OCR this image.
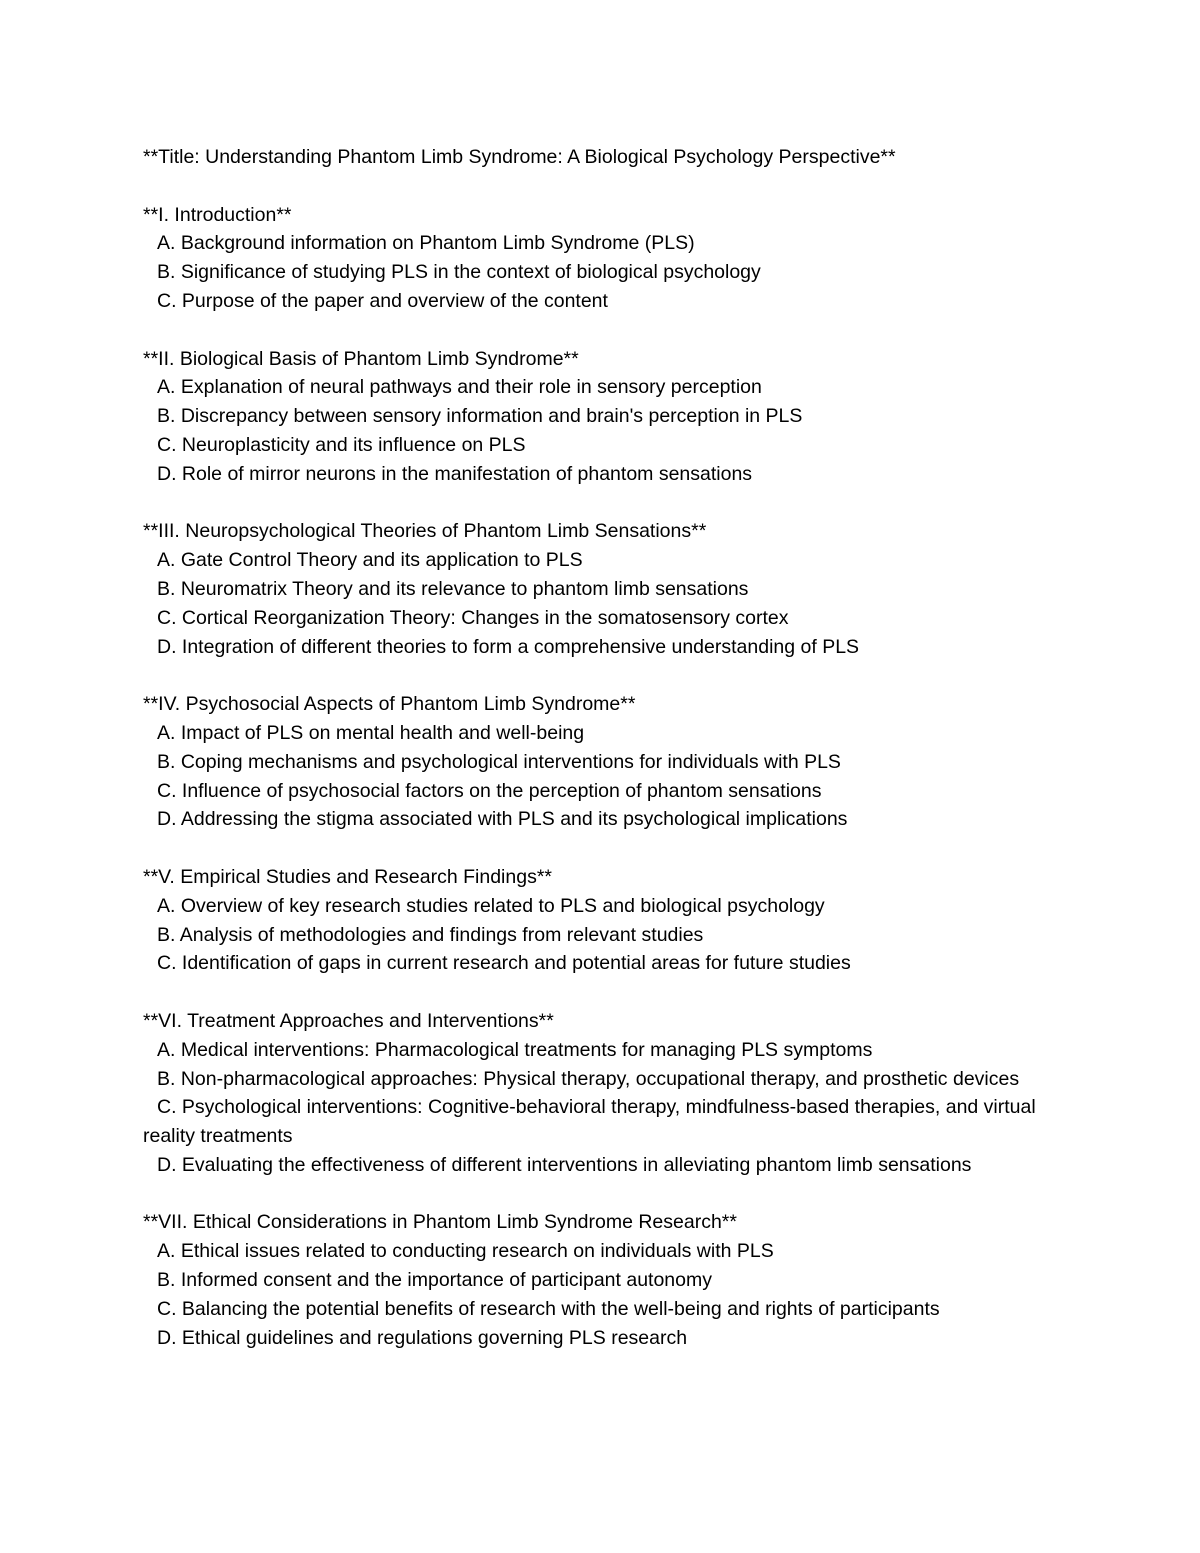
**Title: Understanding Phantom Limb Syndrome: A Biological Psychology Perspective**
**I. Introduction**
A. Background information on Phantom Limb Syndrome (PLS)
B. Significance of studying PLS in the context of biological psychology
C. Purpose of the paper and overview of the content
**II. Biological Basis of Phantom Limb Syndrome**
A. Explanation of neural pathways and their role in sensory perception
B. Discrepancy between sensory information and brain's perception in PLS
C. Neuroplasticity and its influence on PLS
D. Role of mirror neurons in the manifestation of phantom sensations
**III. Neuropsychological Theories of Phantom Limb Sensations**
A. Gate Control Theory and its application to PLS
B. Neuromatrix Theory and its relevance to phantom limb sensations
C. Cortical Reorganization Theory: Changes in the somatosensory cortex
D. Integration of different theories to form a comprehensive understanding of PLS
**IV. Psychosocial Aspects of Phantom Limb Syndrome**
A. Impact of PLS on mental health and well-being
B. Coping mechanisms and psychological interventions for individuals with PLS
C. Influence of psychosocial factors on the perception of phantom sensations
D. Addressing the stigma associated with PLS and its psychological implications
**V. Empirical Studies and Research Findings**
A. Overview of key research studies related to PLS and biological psychology
B. Analysis of methodologies and findings from relevant studies
C. Identification of gaps in current research and potential areas for future studies
**VI. Treatment Approaches and Interventions**
A. Medical interventions: Pharmacological treatments for managing PLS symptoms
B. Non-pharmacological approaches: Physical therapy, occupational therapy, and prosthetic devices
C. Psychological interventions: Cognitive-behavioral therapy, mindfulness-based therapies, and virtual reality treatments
D. Evaluating the effectiveness of different interventions in alleviating phantom limb sensations
**VII. Ethical Considerations in Phantom Limb Syndrome Research**
A. Ethical issues related to conducting research on individuals with PLS
B. Informed consent and the importance of participant autonomy
C. Balancing the potential benefits of research with the well-being and rights of participants
D. Ethical guidelines and regulations governing PLS research
